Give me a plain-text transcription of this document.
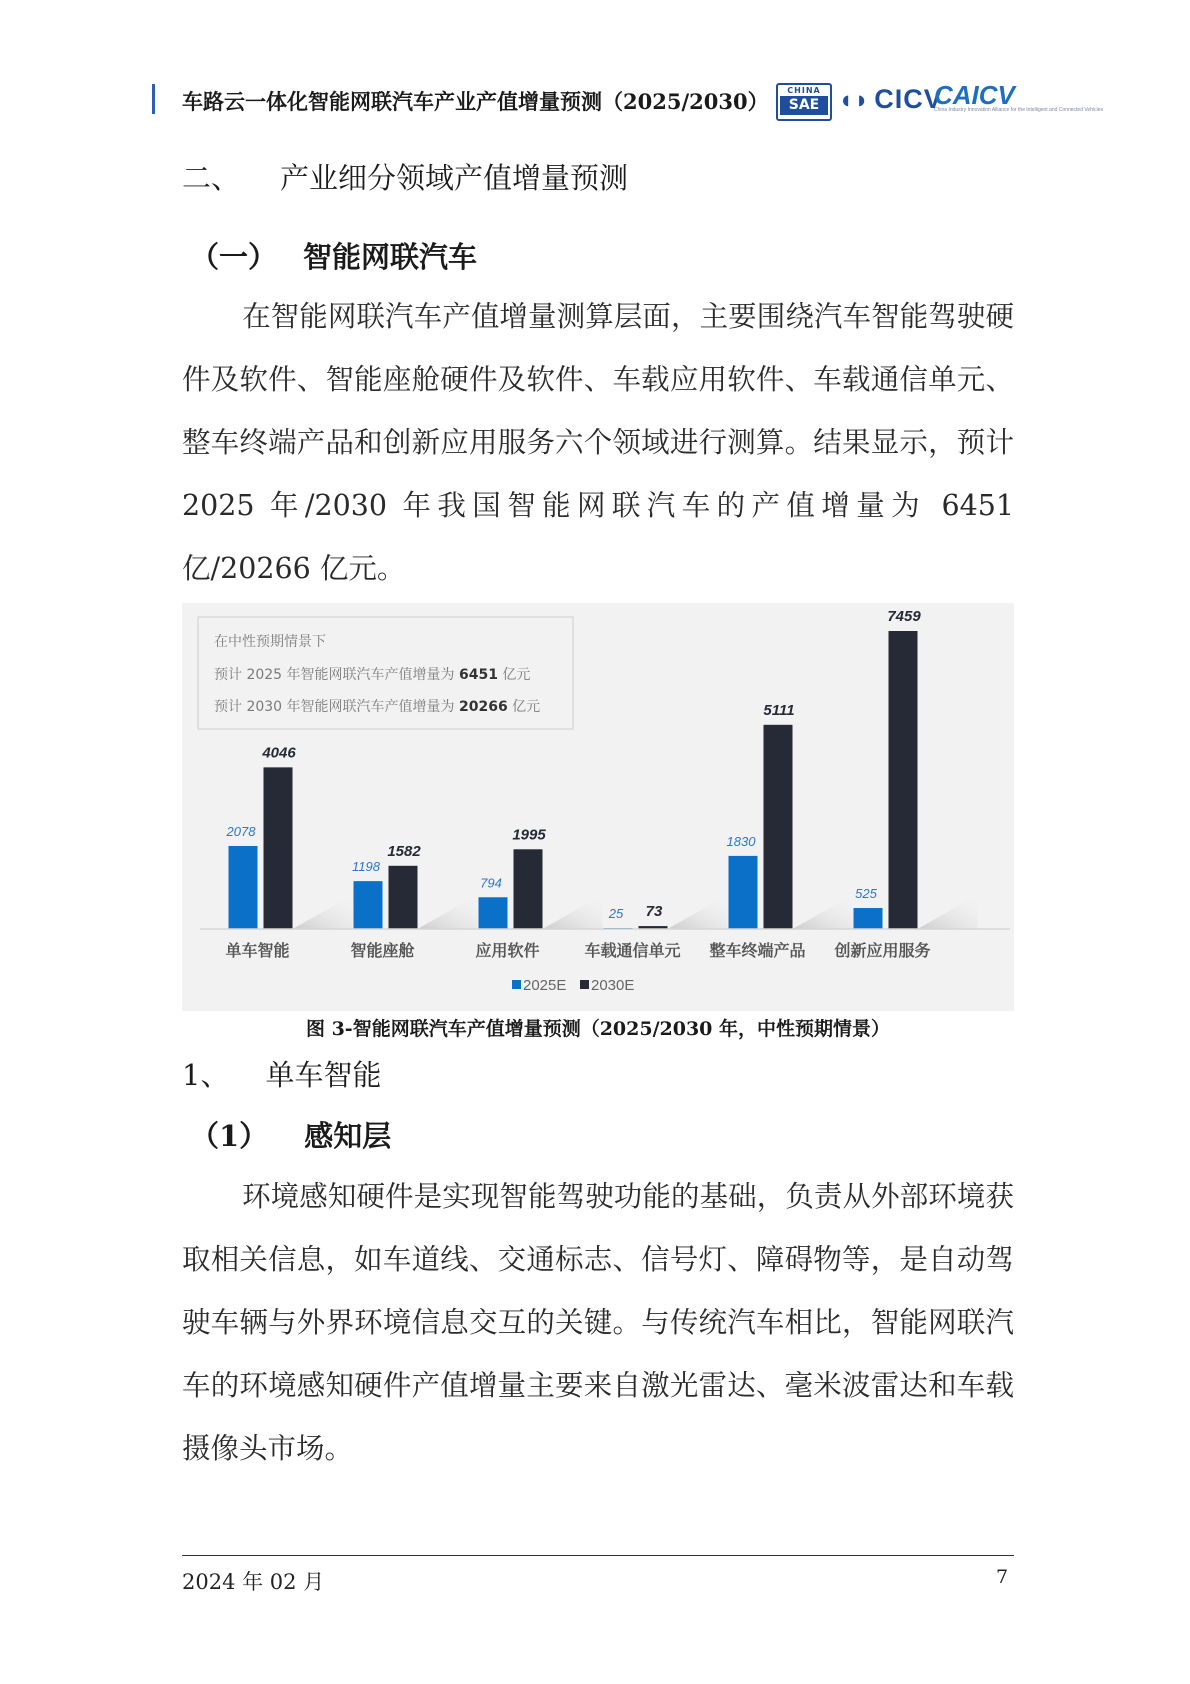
车路云一体化智能网联汽车产业产值增量预测（2025/2030）	CHINA
SAE ◖◗ CICV
CAICV
China Industry Innovation Alliance for the Intelligent and Connected Vehicles
二、 产业细分领域产值增量预测
（一） 智能网联汽车
在智能网联汽车产值增量测算层面，主要围绕汽车智能驾驶硬件及软件、智能座舱硬件及软件、车载应用软件、车载通信单元、整车终端产品和创新应用服务六个领域进行测算。结果显示，预计 2025 年/2030 年我国智能网联汽车的产值增量为 6451 亿/20266 亿元。
在中性预期情景下
预计 2025 年智能网联汽车产值增量为 6451 亿元
预计 2030 年智能网联汽车产值增量为 20266 亿元
2078
4046
单车智能
1198
1582
智能座舱
794
1995
应用软件
25 73
车载通信单元
1830
5111
整车终端产品
525
7459
创新应用服务
2025E 2030E
图 3-智能网联汽车产值增量预测（2025/2030 年，中性预期情景）
1、 单车智能
（1） 感知层
环境感知硬件是实现智能驾驶功能的基础，负责从外部环境获取相关信息，如车道线、交通标志、信号灯、障碍物等，是自动驾驶车辆与外界环境信息交互的关键。与传统汽车相比，智能网联汽车的环境感知硬件产值增量主要来自激光雷达、毫米波雷达和车载摄像头市场。
2024 年 02 月	7
